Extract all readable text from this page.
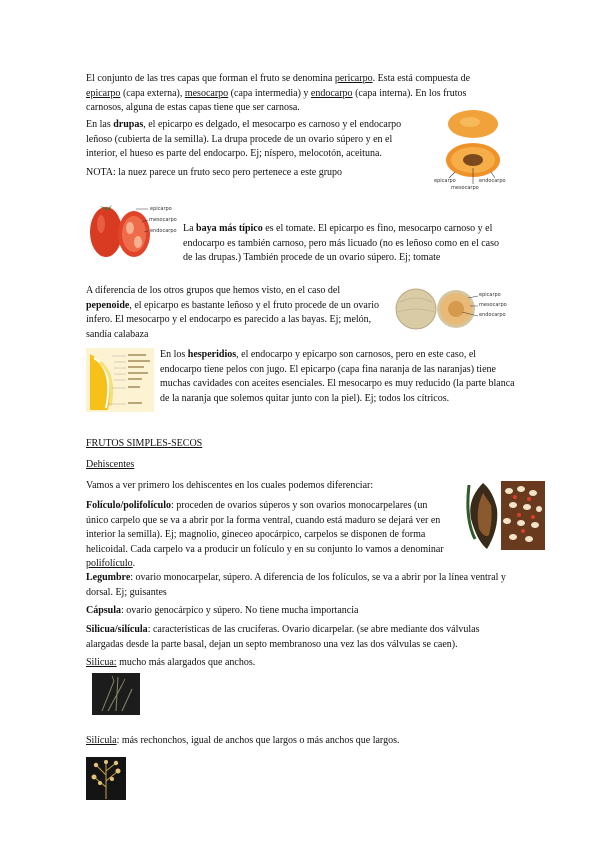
El conjunto de las tres capas que forman el fruto se denomina pericarpo. Esta está compuesta de epicarpo (capa externa), mesocarpo (capa intermedia) y endocarpo (capa interna). En los frutos carnosos, alguna de estas capas tiene que ser carnosa.

En las drupas, el epicarpo es delgado, el mesocarpo es carnoso y el endocarpo leñoso (cubierta de la semilla). La drupa procede de un ovario súpero y en el interior, el hueso es parte del endocarpo. Ej; níspero, melocotón, aceituna.

NOTA: la nuez parece un fruto seco pero pertenece a este grupo

epicarpo	endocarpo
mesocarpo
epicarpo
mesocarpo
endocarpo La baya más típico es el tomate. El epicarpo es fino, mesocarpo carnoso y el endocarpo es también carnoso, pero más licuado (no es leñoso como en el caso de las drupas.) También procede de un ovario súpero. Ej; tomate

A diferencia de los otros grupos que hemos visto, en el caso del pepenoide, el epicarpo es bastante leñoso y el fruto procede de un ovario ínfero. El mesocarpo y el endocarpo es parecido a las bayas. Ej; melón, sandía calabaza

epicarpo
mesocarpo
endocarpo

En los hesperidios, el endocarpo y epicarpo son carnosos, pero en este caso, el endocarpo tiene pelos con jugo. El epicarpo (capa fina naranja de las naranjas) tiene muchas cavidades con aceites esenciales. El mesocarpo es muy reducido (la parte blanca de la naranja que solemos quitar junto con la piel). Ej; todos los cítricos.

FRUTOS SIMPLES-SECOS

Dehiscentes

Vamos a ver primero los dehiscentes en los cuales podemos diferenciar:

Folículo/polifolículo: proceden de ovarios súperos y son ovarios monocarpelares (un único carpelo que se va a abrir por la forma ventral, cuando está maduro se dejará ver en interior la semilla). Ej; magnolio, gineceo apocárpico, carpelos se disponen de forma helicoidal. Cada carpelo va a producir un folículo y en su conjunto lo vamos a denominar polifolículo.

Legumbre: ovario monocarpelar, súpero. A diferencia de los folículos, se va a abrir por la línea ventral y dorsal. Ej; guisantes

Cápsula: ovario genocárpico y súpero. No tiene mucha importancia

Silicua/silícula: características de las cruciferas. Ovario dicarpelar. (se abre mediante dos válvulas alargadas desde la parte basal, dejan un septo membranoso una vez las dos válvulas se caen).

Silicua: mucho más alargados que anchos.

Silícula: más rechonchos, igual de anchos que largos o más anchos que largos.
